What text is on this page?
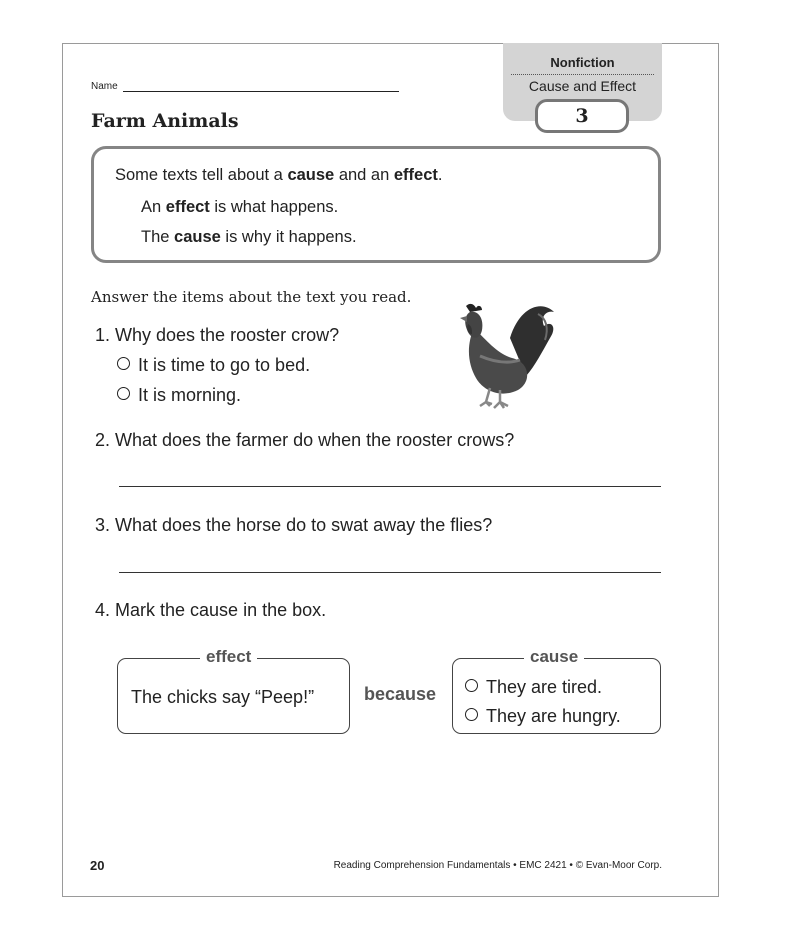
Nonfiction
Cause and Effect
3
Name
Farm Animals
Some texts tell about a cause and an effect.
An effect is what happens.
The cause is why it happens.
Answer the items about the text you read.
1. Why does the rooster crow?
It is time to go to bed.
It is morning.
2. What does the farmer do when the rooster crows?
3. What does the horse do to swat away the flies?
4. Mark the cause in the box.
effect
The chicks say “Peep!”	because
cause
They are tired.
They are hungry.
20	Reading Comprehension Fundamentals • EMC 2421 • © Evan-Moor Corp.
